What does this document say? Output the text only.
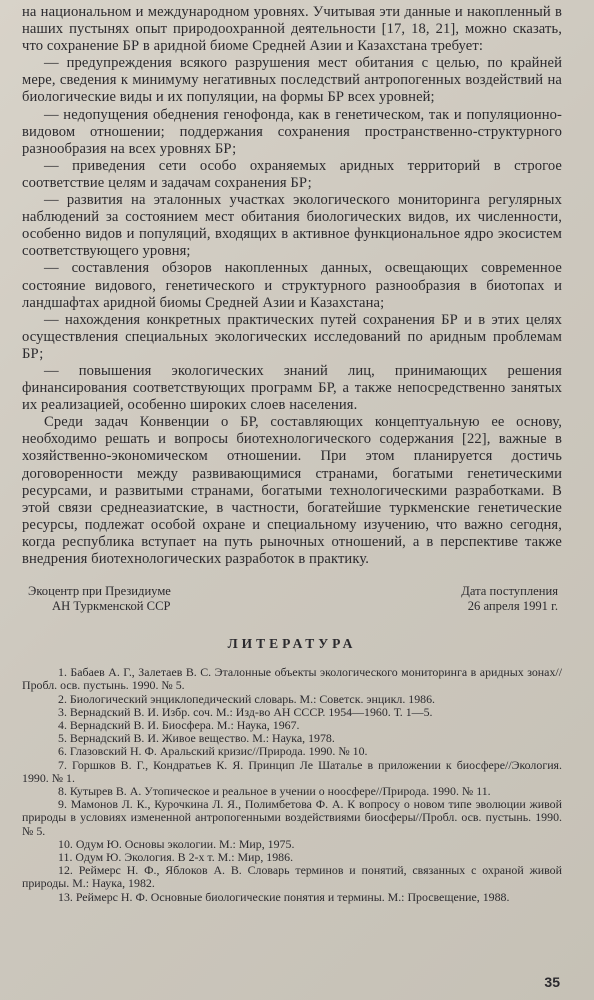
на национальном и международном уровнях. Учитывая эти данные и накопленный в наших пустынях опыт природоохранной деятельности [17, 18, 21], можно сказать, что сохранение БР в аридной биоме Средней Азии и Казахстана требует:

— предупреждения всякого разрушения мест обитания с целью, по крайней мере, сведения к минимуму негативных последствий антропогенных воздействий на биологические виды и их популяции, на формы БР всех уровней;

— недопущения обеднения генофонда, как в генетическом, так и популяционно-видовом отношении; поддержания сохранения пространственно-структурного разнообразия на всех уровнях БР;

— приведения сети особо охраняемых аридных территорий в строгое соответствие целям и задачам сохранения БР;

— развития на эталонных участках экологического мониторинга регулярных наблюдений за состоянием мест обитания биологических видов, их численности, особенно видов и популяций, входящих в активное функциональное ядро экосистем соответствующего уровня;

— составления обзоров накопленных данных, освещающих современное состояние видового, генетического и структурного разнообразия в биотопах и ландшафтах аридной биомы Средней Азии и Казахстана;

— нахождения конкретных практических путей сохранения БР и в этих целях осуществления специальных экологических исследований по аридным проблемам БР;

— повышения экологических знаний лиц, принимающих решения финансирования соответствующих программ БР, а также непосредственно занятых их реализацией, особенно широких слоев населения.

Среди задач Конвенции о БР, составляющих концептуальную ее основу, необходимо решать и вопросы биотехнологического содержания [22], важные в хозяйственно-экономическом отношении. При этом планируется достичь договоренности между развивающимися странами, богатыми генетическими ресурсами, и развитыми странами, богатыми технологическими разработками. В этой связи среднеазиатские, в частности, богатейшие туркменские генетические ресурсы, подлежат особой охране и специальному изучению, что важно сегодня, когда республика вступает на путь рыночных отношений, а в перспективе также внедрения биотехнологических разработок в практику.

Экоцентр при Президиуме
АН Туркменской ССР
Дата поступления
26 апреля 1991 г.
ЛИТЕРАТУРА

1. Бабаев А. Г., Залетаев В. С. Эталонные объекты экологического мониторинга в аридных зонах//Пробл. осв. пустынь. 1990. № 5.

2. Биологический энциклопедический словарь. М.: Советск. энцикл. 1986.

3. Вернадский В. И. Избр. соч. М.: Изд-во АН СССР. 1954—1960. Т. 1—5.

4. Вернадский В. И. Биосфера. М.: Наука, 1967.

5. Вернадский В. И. Живое вещество. М.: Наука, 1978.

6. Глазовский Н. Ф. Аральский кризис//Природа. 1990. № 10.

7. Горшков В. Г., Кондратьев К. Я. Принцип Ле Шаталье в приложении к биосфере//Экология. 1990. № 1.

8. Кутырев В. А. Утопическое и реальное в учении о ноосфере//Природа. 1990. № 11.

9. Мамонов Л. К., Курочкина Л. Я., Полимбетова Ф. А. К вопросу о новом типе эволюции живой природы в условиях измененной антропогенными воздействиями биосферы//Пробл. осв. пустынь. 1990. № 5.

10. Одум Ю. Основы экологии. М.: Мир, 1975.

11. Одум Ю. Экология. В 2-х т. М.: Мир, 1986.

12. Реймерс Н. Ф., Яблоков А. В. Словарь терминов и понятий, связанных с охраной живой природы. М.: Наука, 1982.

13. Реймерс Н. Ф. Основные биологические понятия и термины. М.: Просвещение, 1988.

35
